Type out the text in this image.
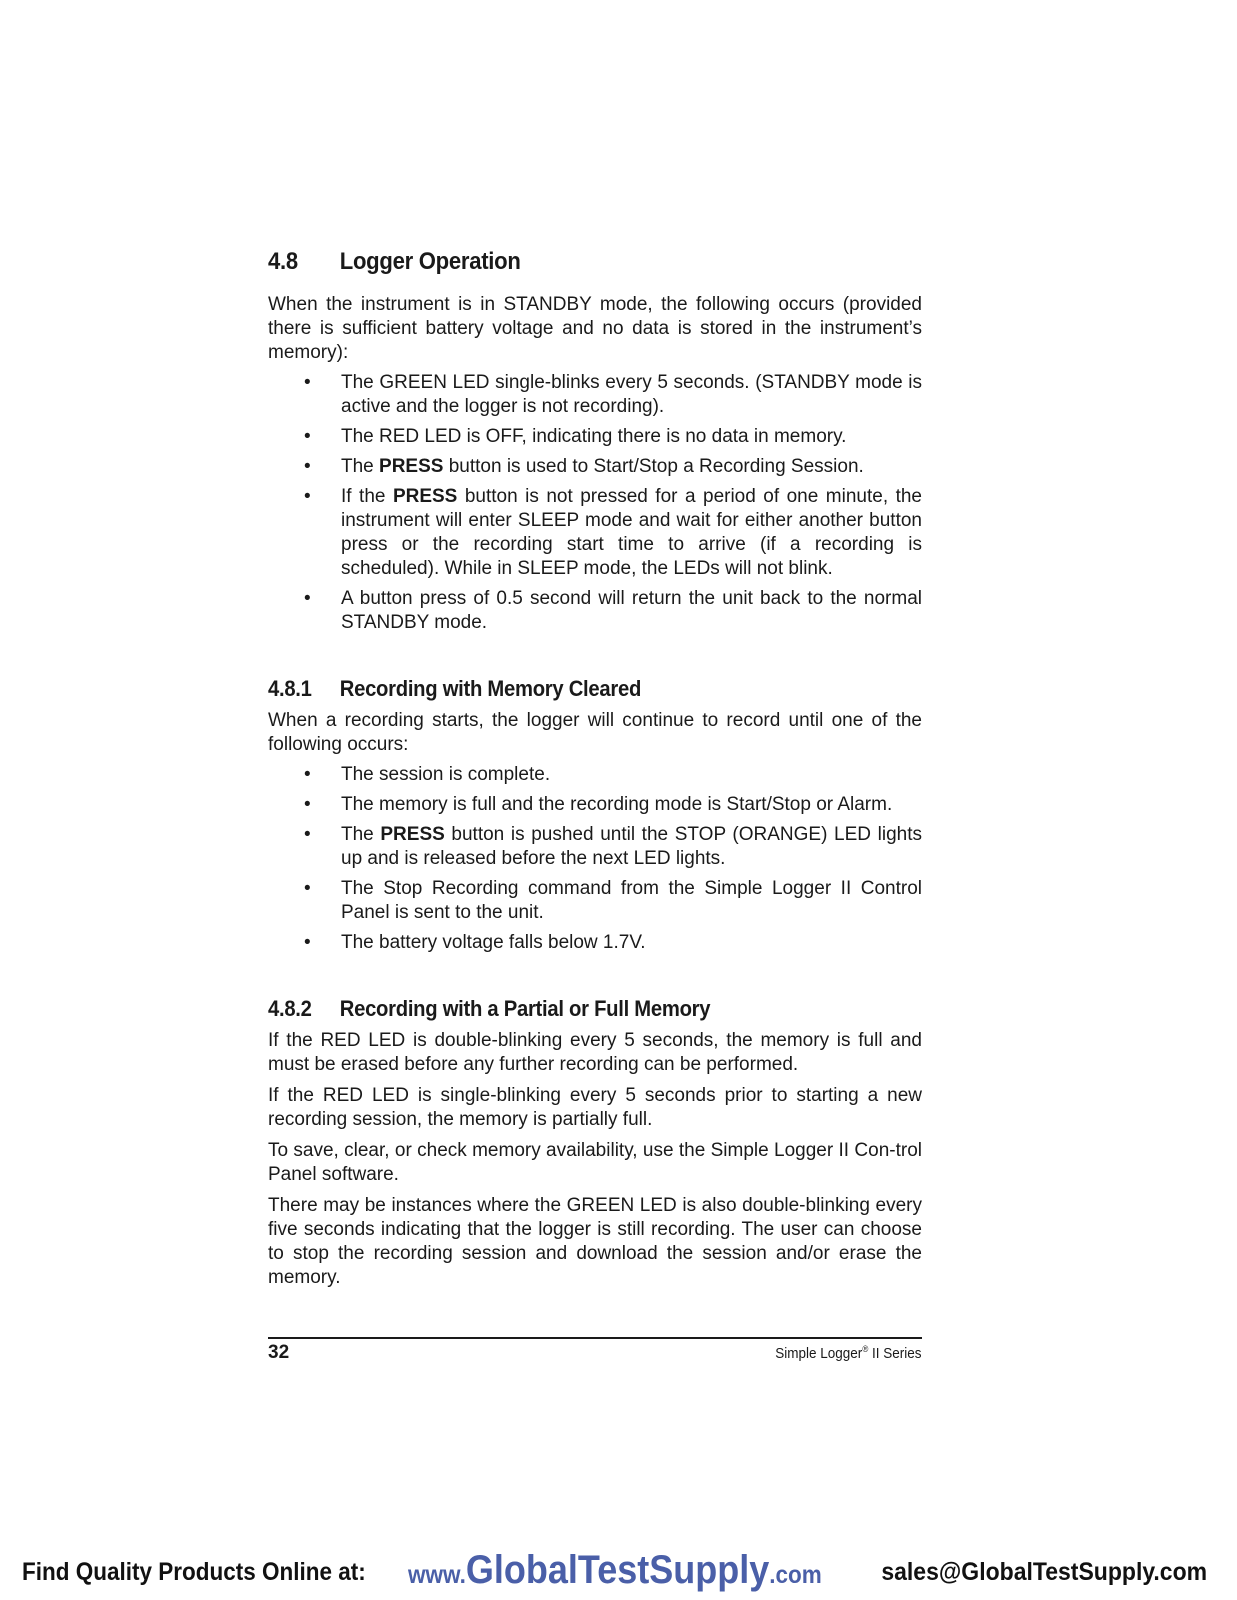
4.8	Logger Operation

When the instrument is in STANDBY mode, the following occurs (provided there is sufficient battery voltage and no data is stored in the instrument’s memory):

• The GREEN LED single-blinks every 5 seconds. (STANDBY mode is active and the logger is not recording).
• The RED LED is OFF, indicating there is no data in memory.
• The PRESS button is used to Start/Stop a Recording Session.
• If the PRESS button is not pressed for a period of one minute, the instrument will enter SLEEP mode and wait for either another button press or the recording start time to arrive (if a recording is scheduled). While in SLEEP mode, the LEDs will not blink.
• A button press of 0.5 second will return the unit back to the normal STANDBY mode.
4.8.1	Recording with Memory Cleared

When a recording starts, the logger will continue to record until one of the following occurs:

• The session is complete.
• The memory is full and the recording mode is Start/Stop or Alarm.
• The PRESS button is pushed until the STOP (ORANGE) LED lights up and is released before the next LED lights.
• The Stop Recording command from the Simple Logger II Control Panel is sent to the unit.
• The battery voltage falls below 1.7V.
4.8.2	Recording with a Partial or Full Memory

If the RED LED is double-blinking every 5 seconds, the memory is full and must be erased before any further recording can be performed.

If the RED LED is single-blinking every 5 seconds prior to starting a new recording session, the memory is partially full.

To save, clear, or check memory availability, use the Simple Logger II Con-trol Panel software.

There may be instances where the GREEN LED is also double-blinking every five seconds indicating that the logger is still recording. The user can choose to stop the recording session and download the session and/or erase the memory.

32	Simple Logger® II Series
Find Quality Products Online at: www.GlobalTestSupply.com sales@GlobalTestSupply.com
